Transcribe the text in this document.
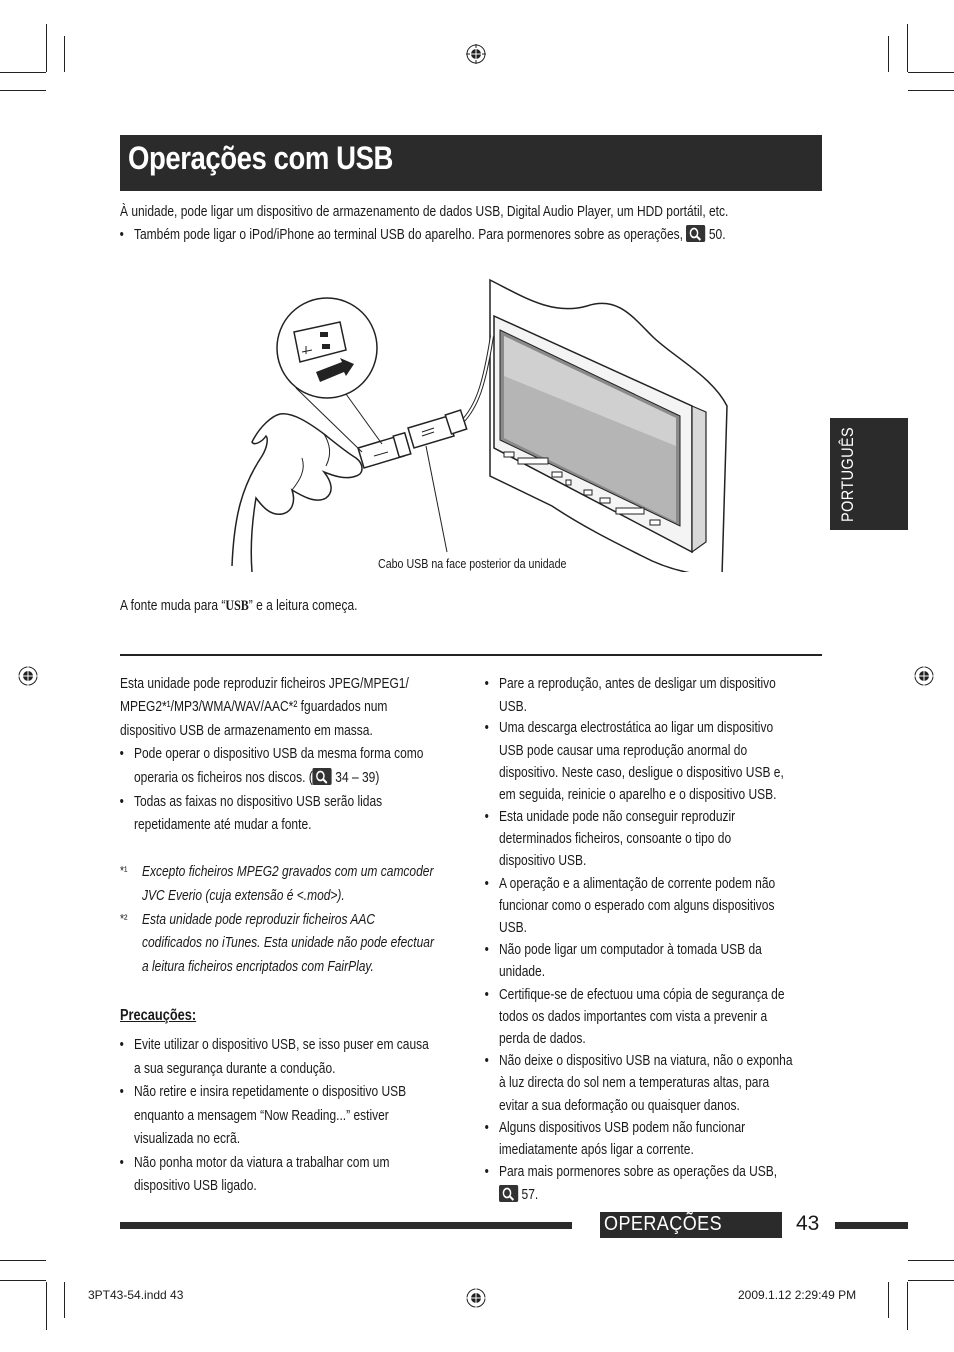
Operações com USB
À unidade, pode ligar um dispositivo de armazenamento de dados USB, Digital Audio Player, um HDD portátil, etc.
• Também pode ligar o iPod/iPhone ao terminal USB do aparelho. Para pormenores sobre as operações, 50.
Cabo USB na face posterior da unidade
A fonte muda para “USB” e a leitura começa.
PORTUGUÊS
Esta unidade pode reproduzir ficheiros JPEG/MPEG1/
MPEG2*¹/MP3/WMA/WAV/AAC*² fguardados num
dispositivo USB de armazenamento em massa.
• Pode operar o dispositivo USB da mesma forma como
operaria os ficheiros nos discos. ( 34 – 39)
• Todas as faixas no dispositivo USB serão lidas
repetidamente até mudar a fonte.
*¹ Excepto ficheiros MPEG2 gravados com um camcoder
JVC Everio (cuja extensão é <.mod>).
*² Esta unidade pode reproduzir ficheiros AAC
codificados no iTunes. Esta unidade não pode efectuar
a leitura ficheiros encriptados com FairPlay.
Precauções:
• Evite utilizar o dispositivo USB, se isso puser em causa
a sua segurança durante a condução.
• Não retire e insira repetidamente o dispositivo USB
enquanto a mensagem “Now Reading...” estiver
visualizada no ecrã.
• Não ponha motor da viatura a trabalhar com um
dispositivo USB ligado.
• Pare a reprodução, antes de desligar um dispositivo
USB.
• Uma descarga electrostática ao ligar um dispositivo
USB pode causar uma reprodução anormal do
dispositivo. Neste caso, desligue o dispositivo USB e,
em seguida, reinicie o aparelho e o dispositivo USB.
• Esta unidade pode não conseguir reproduzir
determinados ficheiros, consoante o tipo do
dispositivo USB.
• A operação e a alimentação de corrente podem não
funcionar como o esperado com alguns dispositivos
USB.
• Não pode ligar um computador à tomada USB da
unidade.
• Certifique-se de efectuou uma cópia de segurança de
todos os dados importantes com vista a prevenir a
perda de dados.
• Não deixe o dispositivo USB na viatura, não o exponha
à luz directa do sol nem a temperaturas altas, para
evitar a sua deformação ou quaisquer danos.
• Alguns dispositivos USB podem não funcionar
imediatamente após ligar a corrente.
• Para mais pormenores sobre as operações da USB,
57.
OPERAÇÕES	43
3PT43-54.indd 43	2009.1.12 2:29:49 PM
